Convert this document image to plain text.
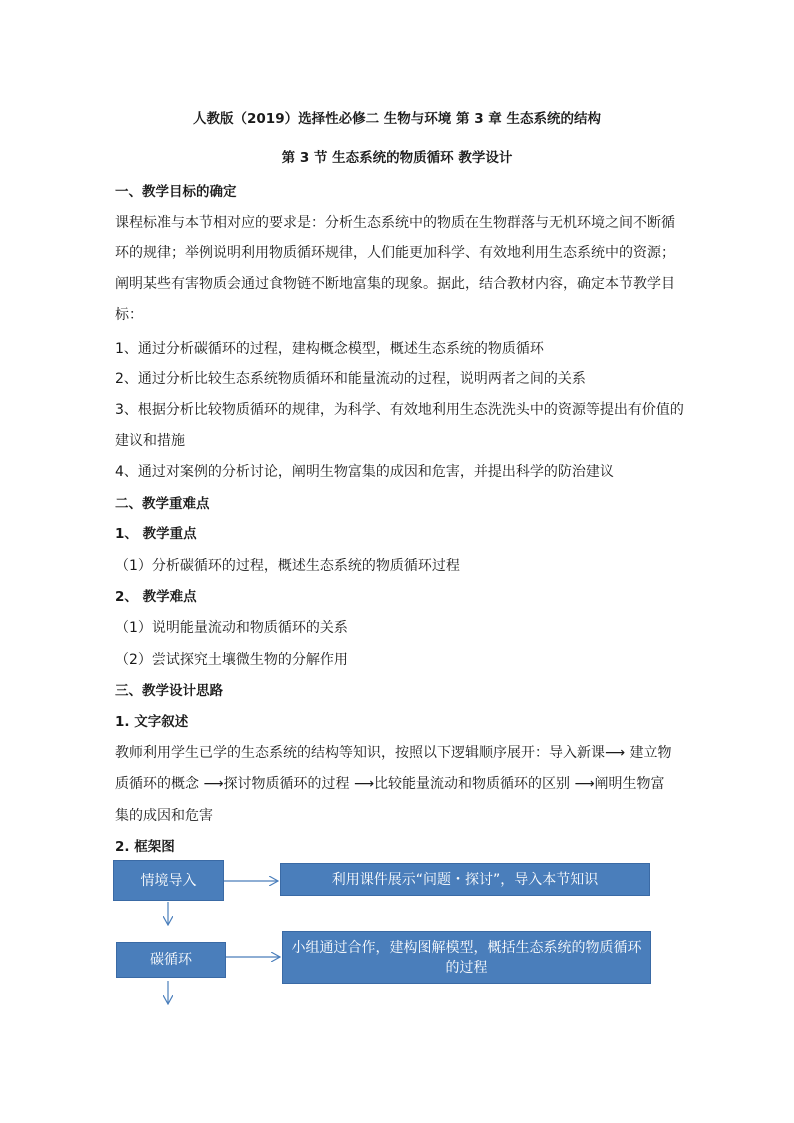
人教版（2019）选择性必修二 生物与环境 第 3 章 生态系统的结构
第 3 节 生态系统的物质循环 教学设计
一、教学目标的确定
课程标准与本节相对应的要求是：分析生态系统中的物质在生物群落与无机环境之间不断循
环的规律；举例说明利用物质循环规律，人们能更加科学、有效地利用生态系统中的资源；
阐明某些有害物质会通过食物链不断地富集的现象。据此，结合教材内容，确定本节教学目
标：
1、通过分析碳循环的过程，建构概念模型，概述生态系统的物质循环
2、通过分析比较生态系统物质循环和能量流动的过程，说明两者之间的关系
3、根据分析比较物质循环的规律，为科学、有效地利用生态洗洗头中的资源等提出有价值的
建议和措施
4、通过对案例的分析讨论，阐明生物富集的成因和危害，并提出科学的防治建议
二、教学重难点
1、 教学重点
（1）分析碳循环的过程，概述生态系统的物质循环过程
2、 教学难点
（1）说明能量流动和物质循环的关系
（2）尝试探究土壤微生物的分解作用
三、教学设计思路
1. 文字叙述
教师利用学生已学的生态系统的结构等知识，按照以下逻辑顺序展开：导入新课⟶ 建立物
质循环的概念 ⟶探讨物质循环的过程 ⟶比较能量流动和物质循环的区别 ⟶阐明生物富
集的成因和危害
2. 框架图
情境导入	利用课件展示“问题・探讨”，导入本节知识
碳循环
小组通过合作，建构图解模型，概括生态系统的物质循环
的过程
